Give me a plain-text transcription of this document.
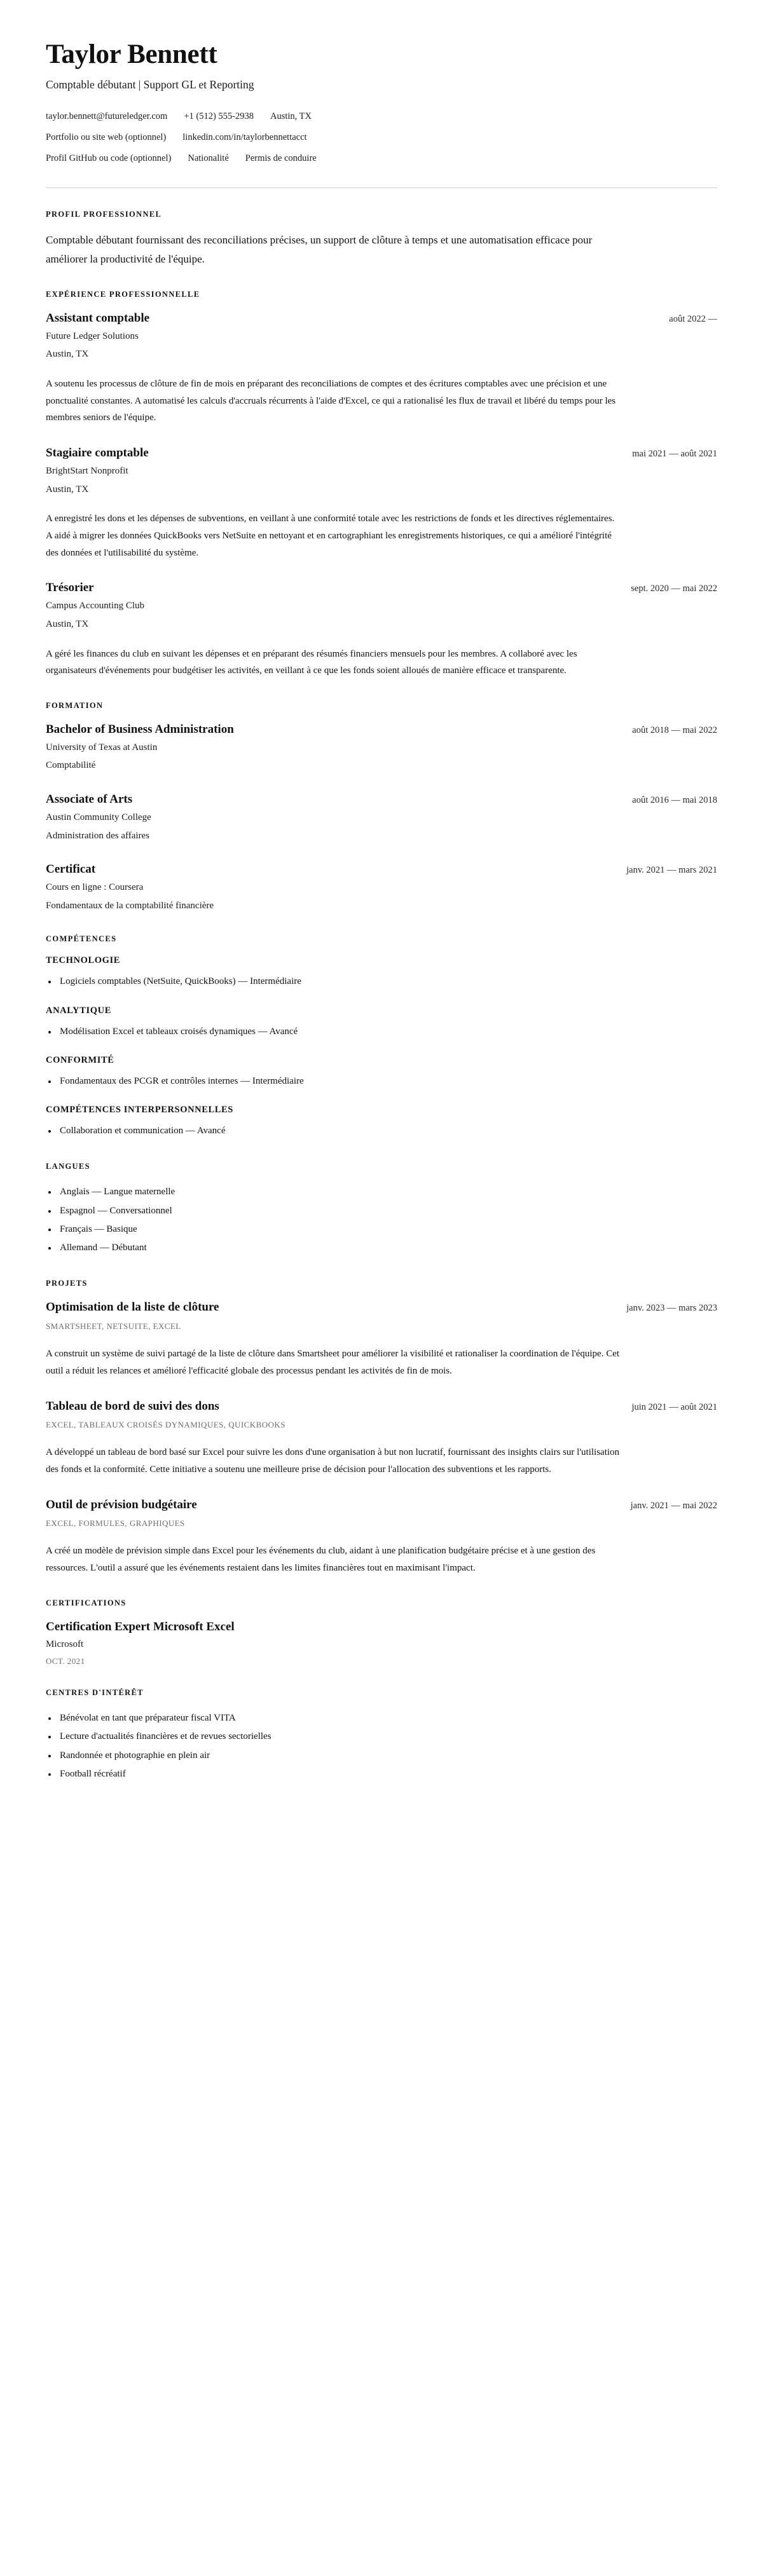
Taylor Bennett
Comptable débutant | Support GL et Reporting
taylor.bennett@futureledger.com +1 (512) 555-2938 Austin, TX
Portfolio ou site web (optionnel) linkedin.com/in/taylorbennettacct
Profil GitHub ou code (optionnel) Nationalité Permis de conduire
PROFIL PROFESSIONNEL

Comptable débutant fournissant des reconciliations précises, un support de clôture à temps et une automatisation efficace pour améliorer la productivité de l'équipe.

EXPÉRIENCE PROFESSIONNELLE
Assistant comptable	août 2022 —
Future Ledger Solutions
Austin, TX

A soutenu les processus de clôture de fin de mois en préparant des reconciliations de comptes et des écritures comptables avec une précision et une ponctualité constantes. A automatisé les calculs d'accruals récurrents à l'aide d'Excel, ce qui a rationalisé les flux de travail et libéré du temps pour les membres seniors de l'équipe.

Stagiaire comptable	mai 2021 — août 2021
BrightStart Nonprofit
Austin, TX

A enregistré les dons et les dépenses de subventions, en veillant à une conformité totale avec les restrictions de fonds et les directives réglementaires. A aidé à migrer les données QuickBooks vers NetSuite en nettoyant et en cartographiant les enregistrements historiques, ce qui a amélioré l'intégrité des données et l'utilisabilité du système.

Trésorier	sept. 2020 — mai 2022
Campus Accounting Club
Austin, TX

A géré les finances du club en suivant les dépenses et en préparant des résumés financiers mensuels pour les membres. A collaboré avec les organisateurs d'événements pour budgétiser les activités, en veillant à ce que les fonds soient alloués de manière efficace et transparente.

FORMATION
Bachelor of Business Administration	août 2018 — mai 2022
University of Texas at Austin
Comptabilité
Associate of Arts	août 2016 — mai 2018
Austin Community College
Administration des affaires
Certificat	janv. 2021 — mars 2021
Cours en ligne : Coursera
Fondamentaux de la comptabilité financière
COMPÉTENCES
TECHNOLOGIE
Logiciels comptables (NetSuite, QuickBooks) — Intermédiaire
ANALYTIQUE
Modélisation Excel et tableaux croisés dynamiques — Avancé
CONFORMITÉ
Fondamentaux des PCGR et contrôles internes — Intermédiaire
COMPÉTENCES INTERPERSONNELLES
Collaboration et communication — Avancé
LANGUES
Anglais — Langue maternelle
Espagnol — Conversationnel
Français — Basique
Allemand — Débutant
PROJETS
Optimisation de la liste de clôture	janv. 2023 — mars 2023
SMARTSHEET, NETSUITE, EXCEL

A construit un système de suivi partagé de la liste de clôture dans Smartsheet pour améliorer la visibilité et rationaliser la coordination de l'équipe. Cet outil a réduit les relances et amélioré l'efficacité globale des processus pendant les activités de fin de mois.

Tableau de bord de suivi des dons	juin 2021 — août 2021
EXCEL, TABLEAUX CROISÉS DYNAMIQUES, QUICKBOOKS

A développé un tableau de bord basé sur Excel pour suivre les dons d'une organisation à but non lucratif, fournissant des insights clairs sur l'utilisation des fonds et la conformité. Cette initiative a soutenu une meilleure prise de décision pour l'allocation des subventions et les rapports.

Outil de prévision budgétaire	janv. 2021 — mai 2022
EXCEL, FORMULES, GRAPHIQUES

A créé un modèle de prévision simple dans Excel pour les événements du club, aidant à une planification budgétaire précise et à une gestion des ressources. L'outil a assuré que les événements restaient dans les limites financières tout en maximisant l'impact.

CERTIFICATIONS
Certification Expert Microsoft Excel
Microsoft
OCT. 2021
CENTRES D'INTÉRÊT
Bénévolat en tant que préparateur fiscal VITA
Lecture d'actualités financières et de revues sectorielles
Randonnée et photographie en plein air
Football récréatif
